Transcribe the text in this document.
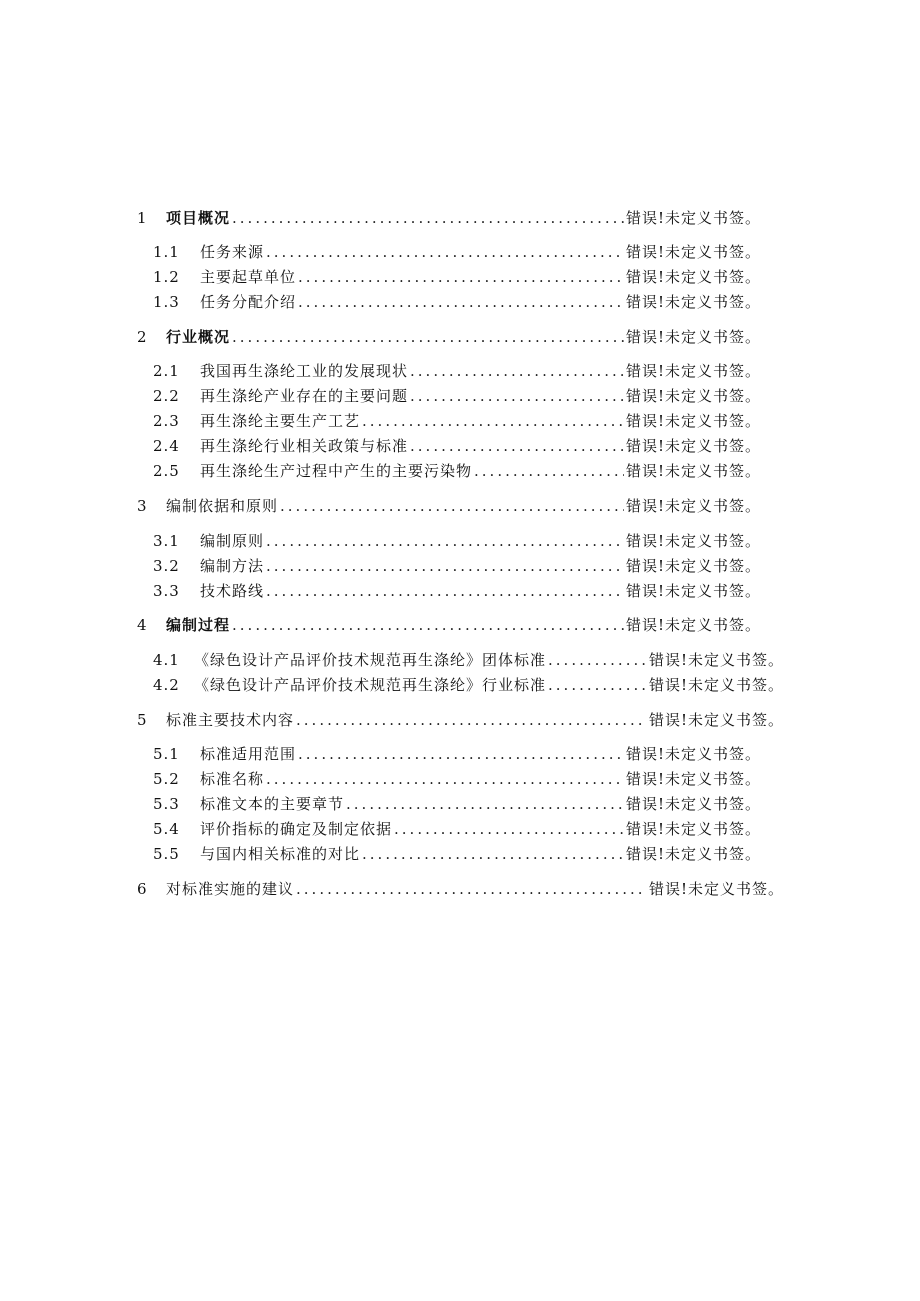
1	项目概况 .....	错误!未定义书签。
1.1	任务来源 .....	错误!未定义书签。
1.2	主要起草单位 .....	错误!未定义书签。
1.3	任务分配介绍 .....	错误!未定义书签。
2	行业概况 .....	错误!未定义书签。
2.1	我国再生涤纶工业的发展现状 .....	错误!未定义书签。
2.2	再生涤纶产业存在的主要问题 .....	错误!未定义书签。
2.3	再生涤纶主要生产工艺 .....	错误!未定义书签。
2.4	再生涤纶行业相关政策与标准 .....	错误!未定义书签。
2.5	再生涤纶生产过程中产生的主要污染物 .....	错误!未定义书签。
3	编制依据和原则 .....	错误!未定义书签。
3.1	编制原则 .....	错误!未定义书签。
3.2	编制方法 .....	错误!未定义书签。
3.3	技术路线 .....	错误!未定义书签。
4	编制过程 .....	错误!未定义书签。
4.1 《绿色设计产品评价技术规范再生涤纶》团体标准 .....	错误!未定义书签。
4.2 《绿色设计产品评价技术规范再生涤纶》行业标准 .....	错误!未定义书签。
5	标准主要技术内容 .....	错误!未定义书签。
5.1	标准适用范围 .....	错误!未定义书签。
5.2	标准名称 .....	错误!未定义书签。
5.3	标准文本的主要章节 .....	错误!未定义书签。
5.4	评价指标的确定及制定依据 .....	错误!未定义书签。
5.5	与国内相关标准的对比 .....	错误!未定义书签。
6	对标准实施的建议 .....	错误!未定义书签。
